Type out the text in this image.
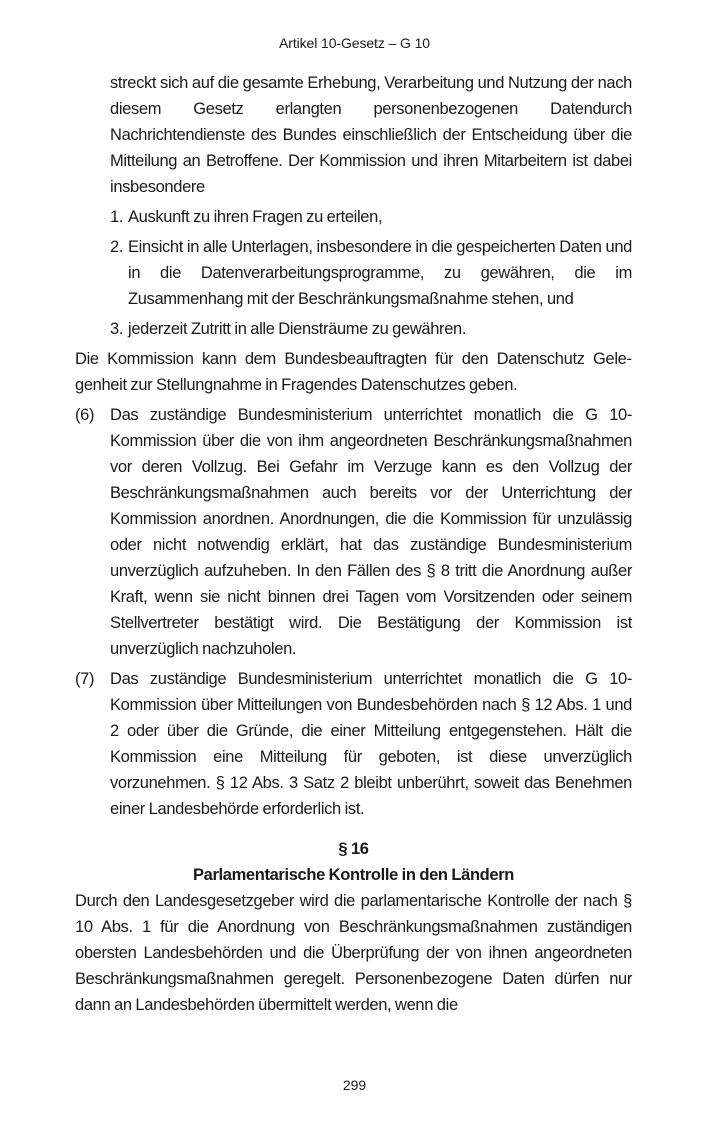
Artikel 10-Gesetz – G 10

streckt sich auf die gesamte Erhebung, Verarbeitung und Nutzung der nach diesem Gesetz erlangten personenbezogenen Datendurch Nachrichtendienste des Bundes einschließlich der Entscheidung über die Mitteilung an Betroffene. Der Kommission und ihren Mitarbeitern ist dabei insbesondere

1. Auskunft zu ihren Fragen zu erteilen,
2. Einsicht in alle Unterlagen, insbesondere in die gespeicherten Daten und in die Datenverarbeitungsprogramme, zu gewähren, die im Zusammenhang mit der Beschränkungsmaßnahme stehen, und
3. jederzeit Zutritt in alle Diensträume zu gewähren.

Die Kommission kann dem Bundesbeauftragten für den Datenschutz Gelegenheit zur Stellungnahme in Fragendes Datenschutzes geben.

(6) Das zuständige Bundesministerium unterrichtet monatlich die G 10-Kommission über die von ihm angeordneten Beschränkungsmaßnahmen vor deren Vollzug. Bei Gefahr im Verzuge kann es den Vollzug der Beschränkungsmaßnahmen auch bereits vor der Unterrichtung der Kommission anordnen. Anordnungen, die die Kommission für unzulässig oder nicht notwendig erklärt, hat das zuständige Bundesministerium unverzüglich aufzuheben. In den Fällen des § 8 tritt die Anordnung außer Kraft, wenn sie nicht binnen drei Tagen vom Vorsitzenden oder seinem Stellvertreter bestätigt wird. Die Bestätigung der Kommission ist unverzüglich nachzuholen.
(7) Das zuständige Bundesministerium unterrichtet monatlich die G 10-Kommission über Mitteilungen von Bundesbehörden nach § 12 Abs. 1 und 2 oder über die Gründe, die einer Mitteilung entgegenstehen. Hält die Kommission eine Mitteilung für geboten, ist diese unverzüglich vorzunehmen. § 12 Abs. 3 Satz 2 bleibt unberührt, soweit das Benehmen einer Landesbehörde erforderlich ist.
§ 16
Parlamentarische Kontrolle in den Ländern

Durch den Landesgesetzgeber wird die parlamentarische Kontrolle der nach § 10 Abs. 1 für die Anordnung von Beschränkungsmaßnahmen zuständigen obersten Landesbehörden und die Überprüfung der von ihnen angeordneten Beschränkungsmaßnahmen geregelt. Personenbezogene Daten dürfen nur dann an Landesbehörden übermittelt werden, wenn die

299
